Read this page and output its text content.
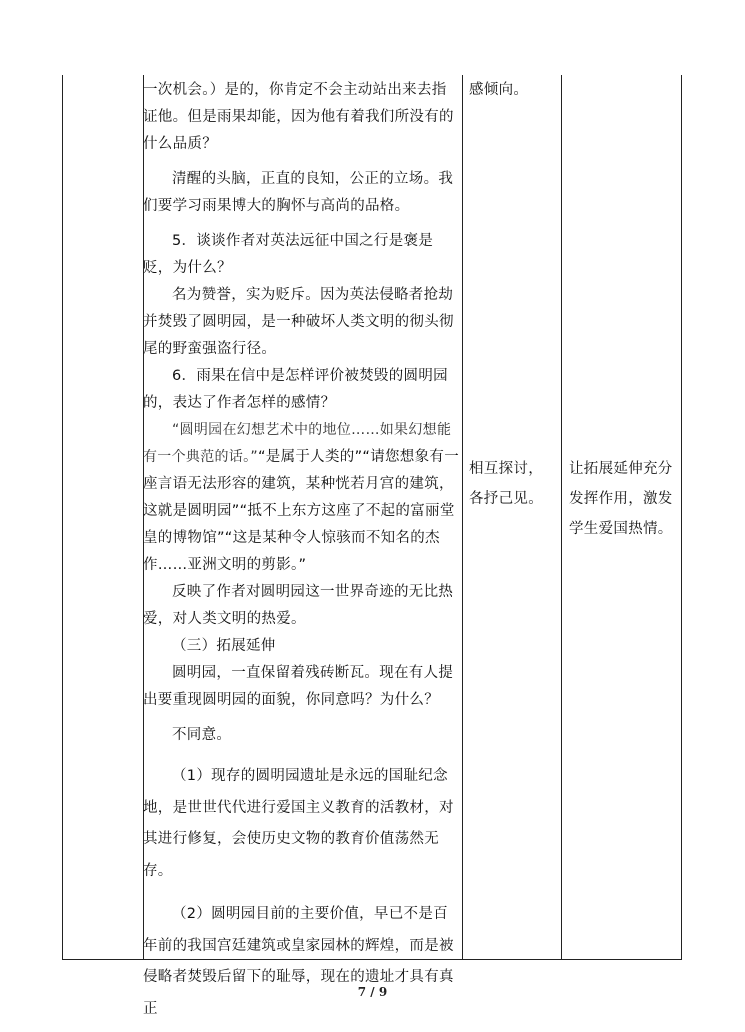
一次机会。）是的，你肯定不会主动站出来去指证他。但是雨果却能，因为他有着我们所没有的什么品质？

清醒的头脑，正直的良知，公正的立场。我们要学习雨果博大的胸怀与高尚的品格。

5．谈谈作者对英法远征中国之行是褒是贬，为什么？

名为赞誉，实为贬斥。因为英法侵略者抢劫并焚毁了圆明园，是一种破坏人类文明的彻头彻尾的野蛮强盗行径。

6．雨果在信中是怎样评价被焚毁的圆明园的，表达了作者怎样的感情？

“圆明园在幻想艺术中的地位……如果幻想能有一个典范的话。”“是属于人类的”“请您想象有一座言语无法形容的建筑，某种恍若月宫的建筑，这就是圆明园”“抵不上东方这座了不起的富丽堂皇的博物馆”“这是某种令人惊骇而不知名的杰作……亚洲文明的剪影。”

反映了作者对圆明园这一世界奇迹的无比热爱，对人类文明的热爱。

（三）拓展延伸

圆明园，一直保留着残砖断瓦。现在有人提出要重现圆明园的面貌，你同意吗？为什么？

不同意。

（1）现存的圆明园遗址是永远的国耻纪念地，是世世代代进行爱国主义教育的活教材，对其进行修复，会使历史文物的教育价值荡然无存。

（2）圆明园目前的主要价值，早已不是百年前的我国宫廷建筑或皇家园林的辉煌，而是被侵略者焚毁后留下的耻辱，现在的遗址才具有真正

感倾向。

相互探讨，各抒己见。

让拓展延伸充分发挥作用，激发学生爱国热情。

7 / 9
